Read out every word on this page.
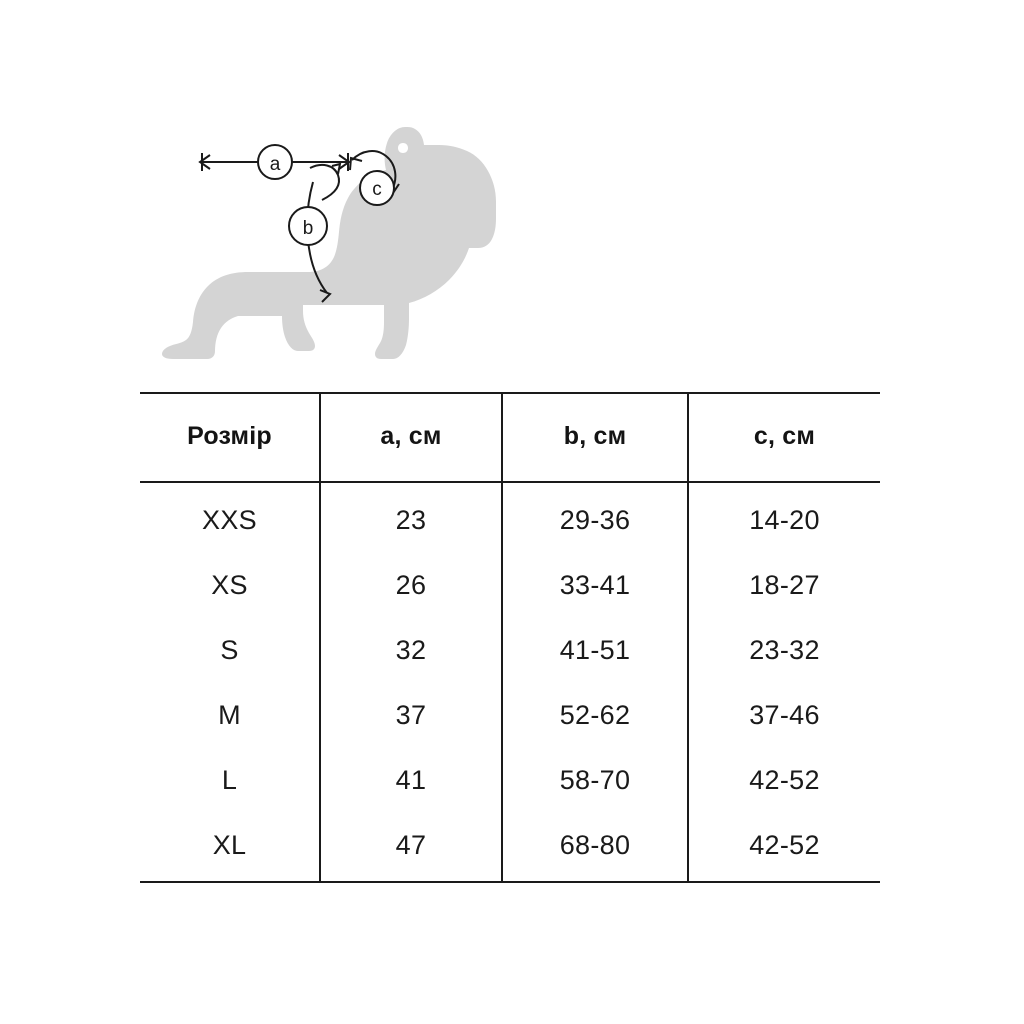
a
b
c
Розмір	a, см	b, см	c, см
XXS	23	29-36	14-20
XS	26	33-41	18-27
S	32	41-51	23-32
M	37	52-62	37-46
L	41	58-70	42-52
XL	47	68-80	42-52
